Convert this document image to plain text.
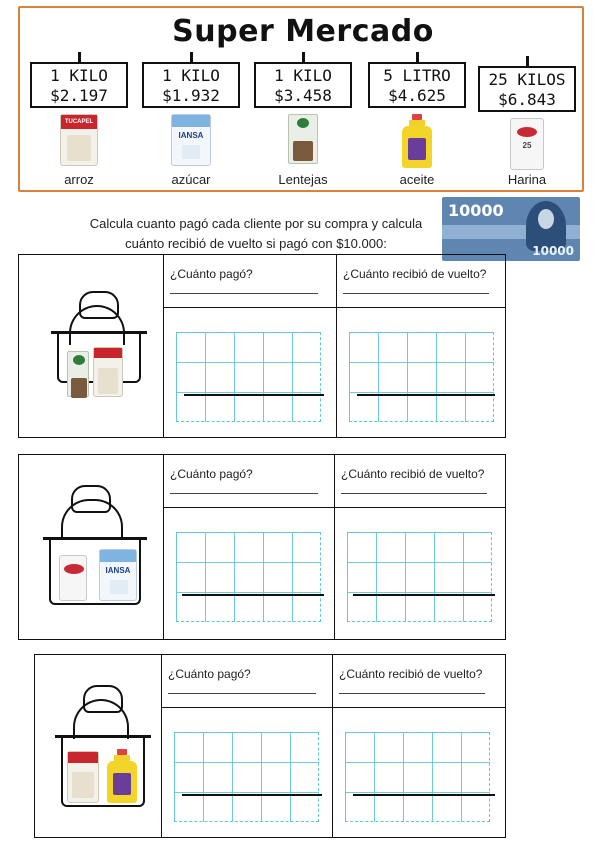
Super Mercado
1 KILO
$2.197
TUCAPEL
arroz
1 KILO
$1.932
IANSA
azúcar
1 KILO
$3.458
Lentejas
5 LITRO
$4.625
aceite
25 KILOS
$6.843
25
Harina
Calcula cuanto pagó cada cliente por su compra y calcula
cuánto recibió de vuelto si pagó con $10.000:
10000
10000
¿Cuánto pagó?	¿Cuánto recibió de vuelto?
IANSA
¿Cuánto pagó?	¿Cuánto recibió de vuelto?
¿Cuánto pagó?	¿Cuánto recibió de vuelto?
